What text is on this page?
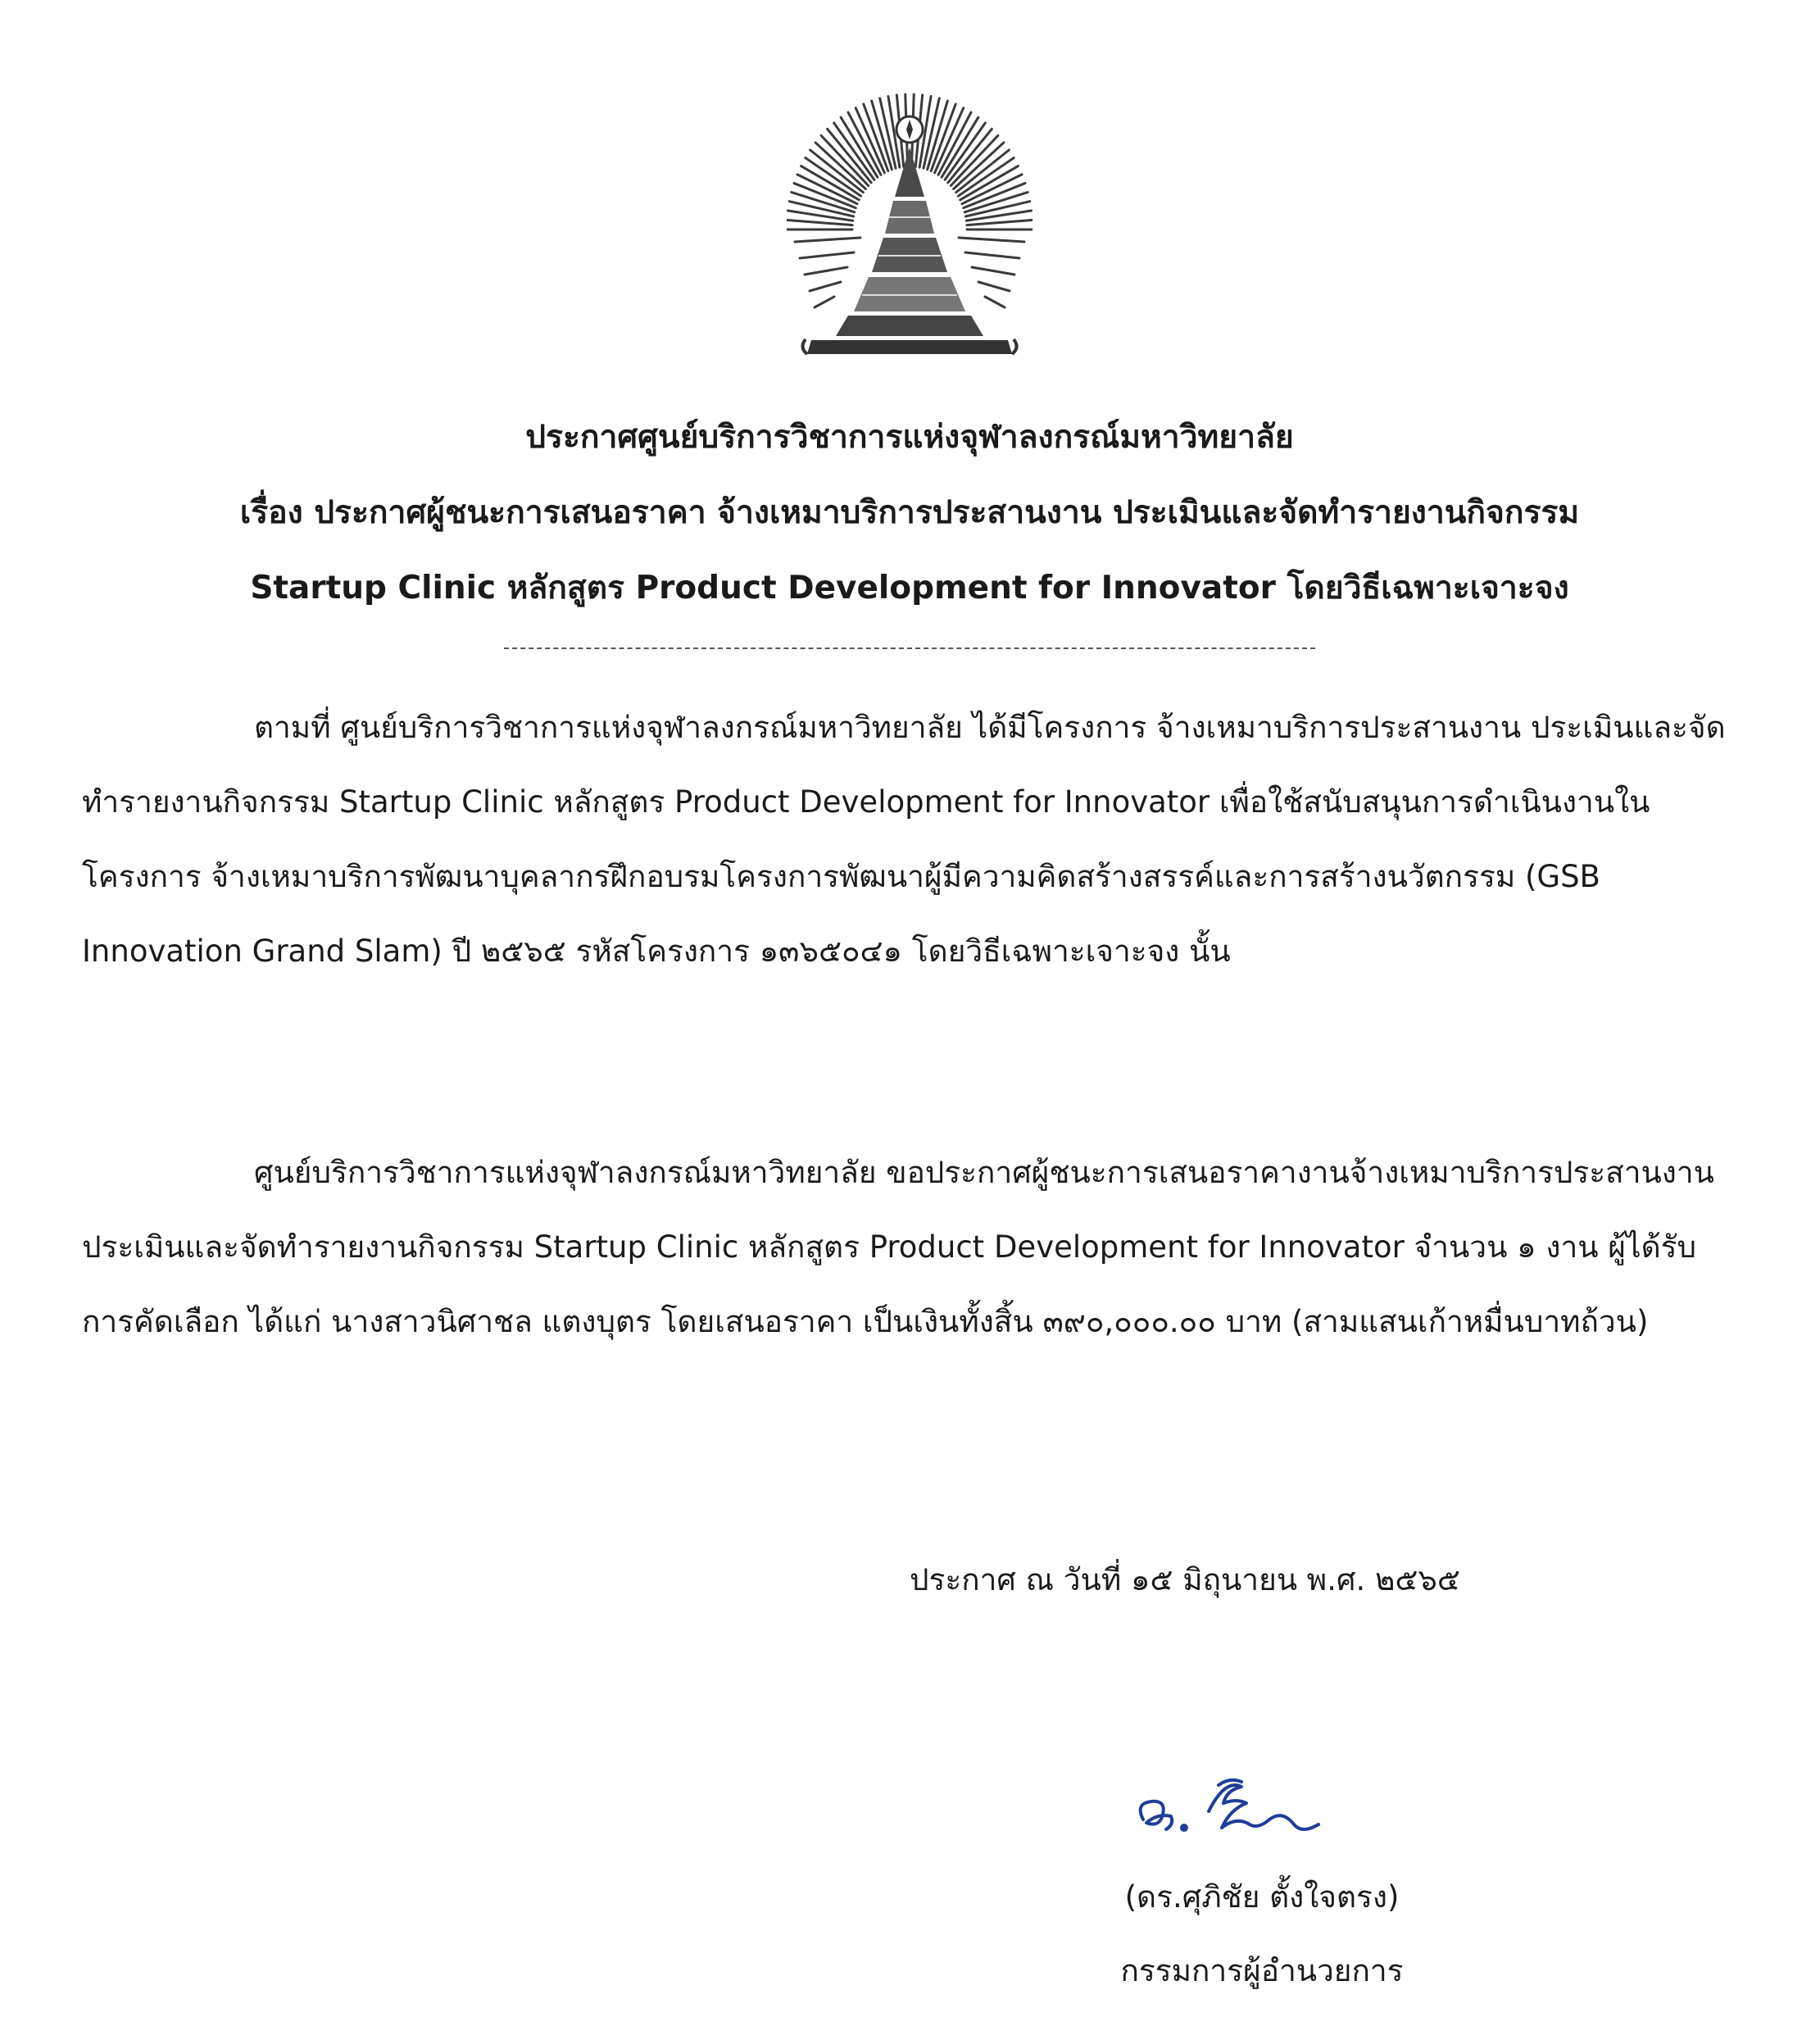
ประกาศศูนย์บริการวิชาการแห่งจุฬาลงกรณ์มหาวิทยาลัย
เรื่อง ประกาศผู้ชนะการเสนอราคา จ้างเหมาบริการประสานงาน ประเมินและจัดทำรายงานกิจกรรม
Startup Clinic หลักสูตร Product Development for Innovator โดยวิธีเฉพาะเจาะจง

ตามที่ ศูนย์บริการวิชาการแห่งจุฬาลงกรณ์มหาวิทยาลัย ได้มีโครงการ จ้างเหมาบริการประสานงาน ประเมินและจัดทำรายงานกิจกรรม Startup Clinic หลักสูตร Product Development for Innovator เพื่อใช้สนับสนุนการดำเนินงานในโครงการ จ้างเหมาบริการพัฒนาบุคลากรฝึกอบรมโครงการพัฒนาผู้มีความคิดสร้างสรรค์และการสร้างนวัตกรรม (GSB Innovation Grand Slam) ปี ๒๕๖๕ รหัสโครงการ ๑๓๖๕๐๔๑ โดยวิธีเฉพาะเจาะจง นั้น

ศูนย์บริการวิชาการแห่งจุฬาลงกรณ์มหาวิทยาลัย ขอประกาศผู้ชนะการเสนอราคางานจ้างเหมาบริการประสานงานประเมินและจัดทำรายงานกิจกรรม Startup Clinic หลักสูตร Product Development for Innovator จำนวน ๑ งาน ผู้ได้รับการคัดเลือก ได้แก่ นางสาวนิศาชล แตงบุตร โดยเสนอราคา เป็นเงินทั้งสิ้น ๓๙๐,๐๐๐.๐๐ บาท (สามแสนเก้าหมื่นบาทถ้วน)

ประกาศ ณ วันที่ ๑๕ มิถุนายน พ.ศ. ๒๕๖๕
(ดร.ศุภิชัย ตั้งใจตรง)
กรรมการผู้อำนวยการ
